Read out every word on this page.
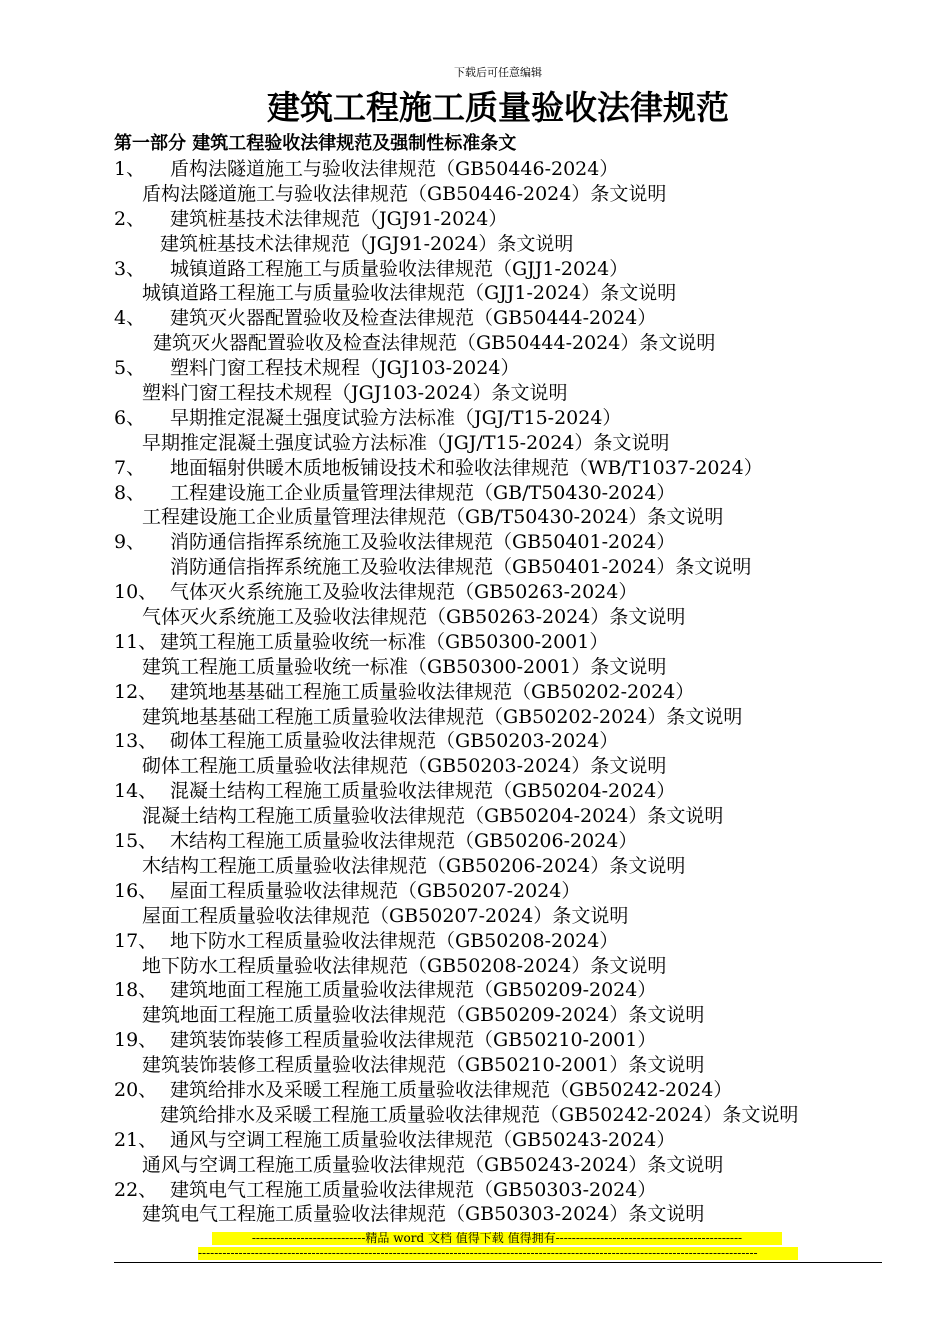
下载后可任意编辑
建筑工程施工质量验收法律规范
第一部分 建筑工程验收法律规范及强制性标准条文
1、 盾构法隧道施工与验收法律规范（GB50446-2024）
盾构法隧道施工与验收法律规范（GB50446-2024）条文说明
2、 建筑桩基技术法律规范（JGJ91-2024）
建筑桩基技术法律规范（JGJ91-2024）条文说明
3、 城镇道路工程施工与质量验收法律规范（GJJ1-2024）
城镇道路工程施工与质量验收法律规范（GJJ1-2024）条文说明
4、 建筑灭火器配置验收及检查法律规范（GB50444-2024）
建筑灭火器配置验收及检查法律规范（GB50444-2024）条文说明
5、 塑料门窗工程技术规程（JGJ103-2024）
塑料门窗工程技术规程（JGJ103-2024）条文说明
6、 早期推定混凝土强度试验方法标准（JGJ/T15-2024）
早期推定混凝土强度试验方法标准（JGJ/T15-2024）条文说明
7、 地面辐射供暖木质地板铺设技术和验收法律规范（WB/T1037-2024）
8、 工程建设施工企业质量管理法律规范（GB/T50430-2024）
工程建设施工企业质量管理法律规范（GB/T50430-2024）条文说明
9、 消防通信指挥系统施工及验收法律规范（GB50401-2024）
消防通信指挥系统施工及验收法律规范（GB50401-2024）条文说明
10、 气体灭火系统施工及验收法律规范（GB50263-2024）
气体灭火系统施工及验收法律规范（GB50263-2024）条文说明
11、 建筑工程施工质量验收统一标准（GB50300-2001）
建筑工程施工质量验收统一标准（GB50300-2001）条文说明
12、 建筑地基基础工程施工质量验收法律规范（GB50202-2024）
建筑地基基础工程施工质量验收法律规范（GB50202-2024）条文说明
13、 砌体工程施工质量验收法律规范（GB50203-2024）
砌体工程施工质量验收法律规范（GB50203-2024）条文说明
14、 混凝土结构工程施工质量验收法律规范（GB50204-2024）
混凝土结构工程施工质量验收法律规范（GB50204-2024）条文说明
15、 木结构工程施工质量验收法律规范（GB50206-2024）
木结构工程施工质量验收法律规范（GB50206-2024）条文说明
16、 屋面工程质量验收法律规范（GB50207-2024）
屋面工程质量验收法律规范（GB50207-2024）条文说明
17、 地下防水工程质量验收法律规范（GB50208-2024）
地下防水工程质量验收法律规范（GB50208-2024）条文说明
18、 建筑地面工程施工质量验收法律规范（GB50209-2024）
建筑地面工程施工质量验收法律规范（GB50209-2024）条文说明
19、 建筑装饰装修工程质量验收法律规范（GB50210-2001）
建筑装饰装修工程质量验收法律规范（GB50210-2001）条文说明
20、 建筑给排水及采暖工程施工质量验收法律规范（GB50242-2024）
建筑给排水及采暖工程施工质量验收法律规范（GB50242-2024）条文说明
21、 通风与空调工程施工质量验收法律规范（GB50243-2024）
通风与空调工程施工质量验收法律规范（GB50243-2024）条文说明
22、 建筑电气工程施工质量验收法律规范（GB50303-2024）
建筑电气工程施工质量验收法律规范（GB50303-2024）条文说明
----------------------------精品 word 文档 值得下载 值得拥有----------------------------------------------
------------------------------------------------------------------------------------------------------------------------------------------
